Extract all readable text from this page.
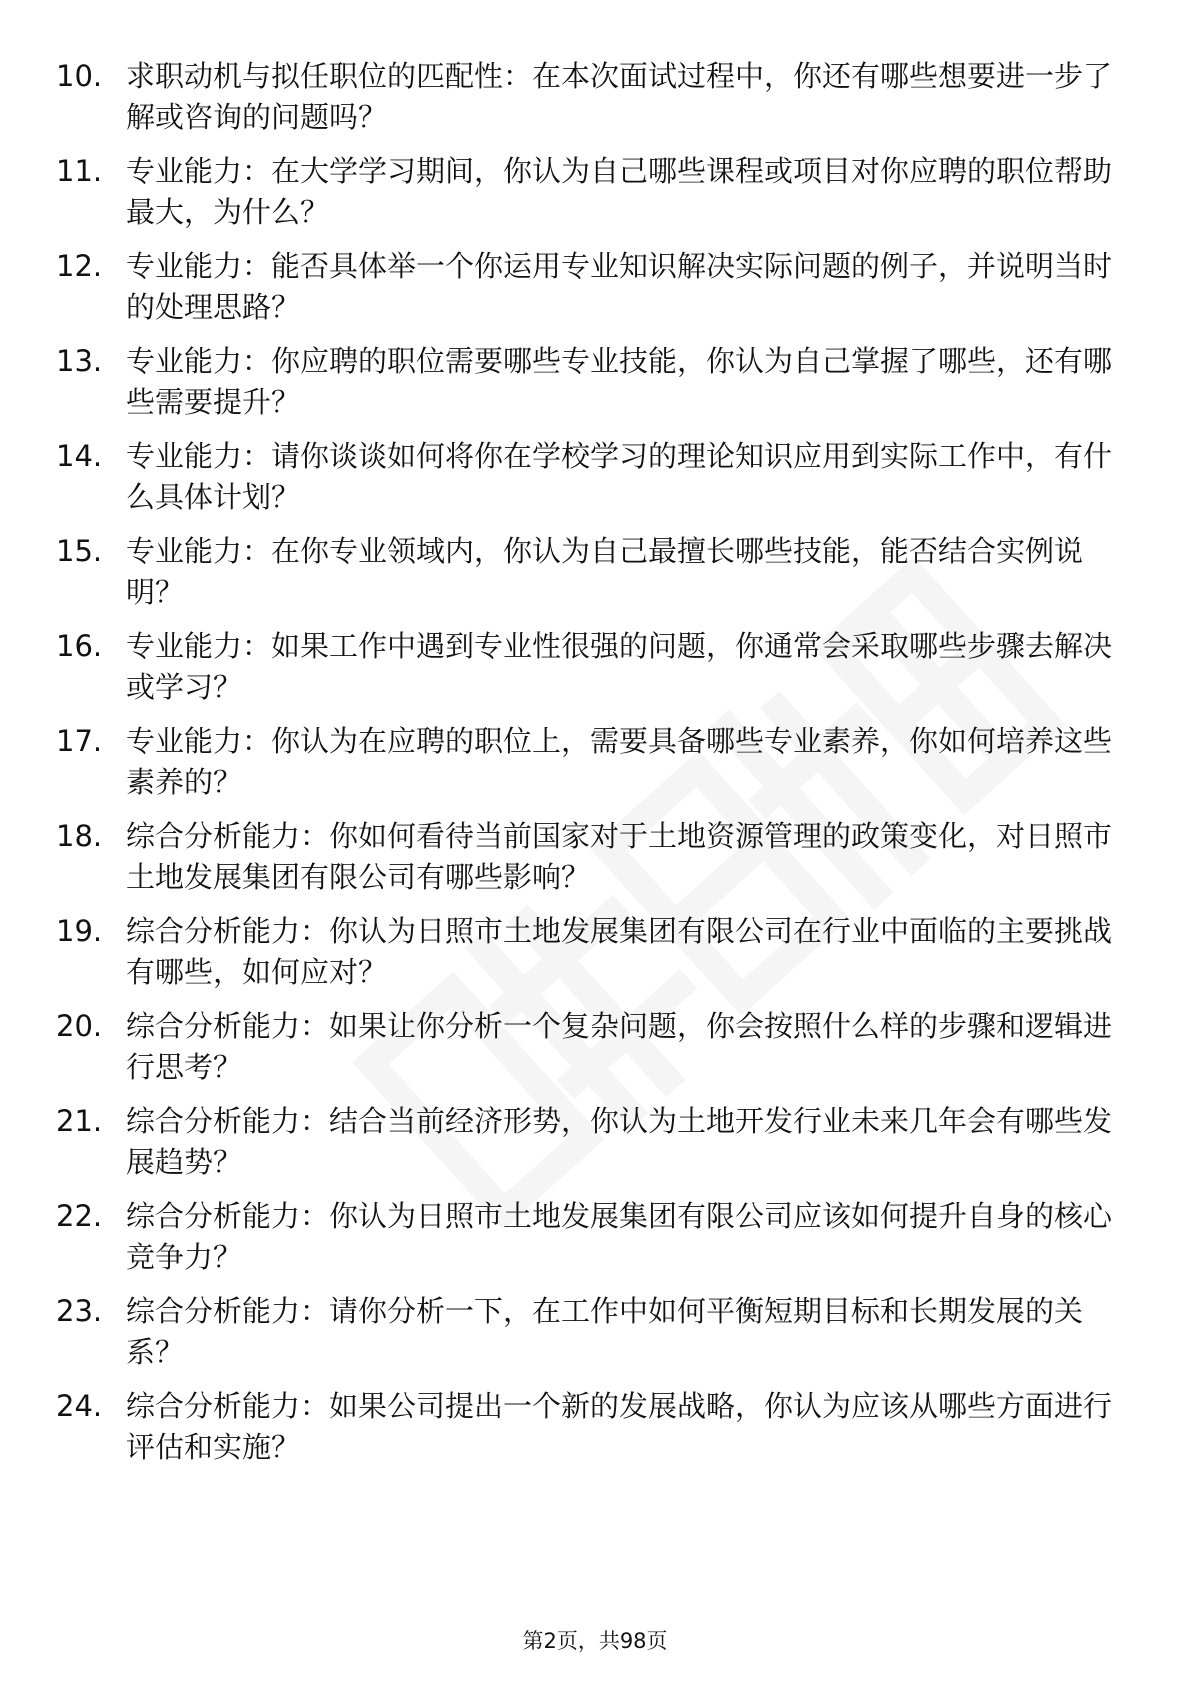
10. 求职动机与拟任职位的匹配性：在本次面试过程中，你还有哪些想要进一步了解或咨询的问题吗？
11. 专业能力：在大学学习期间，你认为自己哪些课程或项目对你应聘的职位帮助最大，为什么？
12. 专业能力：能否具体举一个你运用专业知识解决实际问题的例子，并说明当时的处理思路？
13. 专业能力：你应聘的职位需要哪些专业技能，你认为自己掌握了哪些，还有哪些需要提升？
14. 专业能力：请你谈谈如何将你在学校学习的理论知识应用到实际工作中，有什么具体计划？
15. 专业能力：在你专业领域内，你认为自己最擅长哪些技能，能否结合实例说明？
16. 专业能力：如果工作中遇到专业性很强的问题，你通常会采取哪些步骤去解决或学习？
17. 专业能力：你认为在应聘的职位上，需要具备哪些专业素养，你如何培养这些素养的？
18. 综合分析能力：你如何看待当前国家对于土地资源管理的政策变化，对日照市土地发展集团有限公司有哪些影响？
19. 综合分析能力：你认为日照市土地发展集团有限公司在行业中面临的主要挑战有哪些，如何应对？
20. 综合分析能力：如果让你分析一个复杂问题，你会按照什么样的步骤和逻辑进行思考？
21. 综合分析能力：结合当前经济形势，你认为土地开发行业未来几年会有哪些发展趋势？
22. 综合分析能力：你认为日照市土地发展集团有限公司应该如何提升自身的核心竞争力？
23. 综合分析能力：请你分析一下，在工作中如何平衡短期目标和长期发展的关系？
24. 综合分析能力：如果公司提出一个新的发展战略，你认为应该从哪些方面进行评估和实施？
第2页，共98页
